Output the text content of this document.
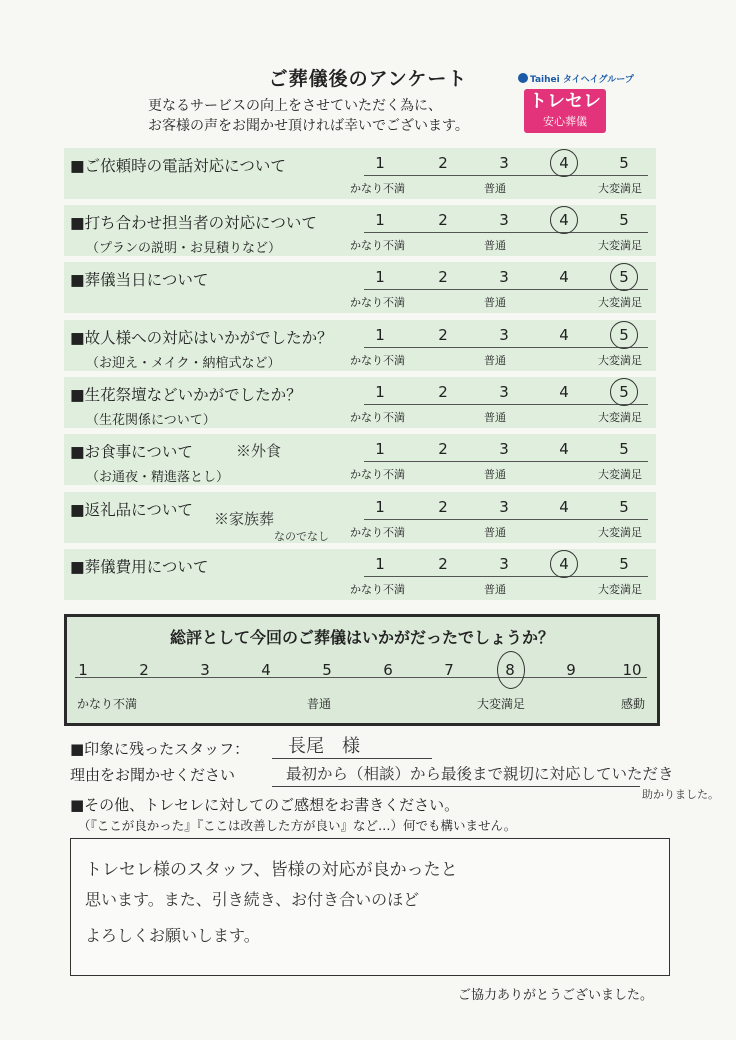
ご葬儀後のアンケート
更なるサービスの向上をさせていただく為に、
お客様の声をお聞かせ頂ければ幸いでございます。
Taihei タイヘイグループ
トレセレ
安心葬儀
■ご依頼時の電話対応について	1	2	3	4	5
かなり不満	普通	大変満足
■打ち合わせ担当者の対応について
（プランの説明・お見積りなど）
1	2	3	4	5
かなり不満	普通	大変満足
■葬儀当日について	1	2	3	4	5
かなり不満	普通	大変満足
■故人様への対応はいかがでしたか？
（お迎え・メイク・納棺式など）
1	2	3	4	5
かなり不満	普通	大変満足
■生花祭壇などいかがでしたか？
（生花関係について）
1	2	3	4	5
かなり不満	普通	大変満足
■お食事について
（お通夜・精進落とし）
1	2	3	4	5
かなり不満	普通	大変満足
■返礼品について	1	2	3	4	5
かなり不満	普通	大変満足
■葬儀費用について	1	2	3	4	5
かなり不満	普通	大変満足
※外食
※家族葬
なのでなし
総評として今回のご葬儀はいかがだったでしょうか？
1	2	3	4	5	6	7	8	9	10
かなり不満	普通	大変満足	感動
■印象に残ったスタッフ： 長尾　様
理由をお聞かせください	最初から（相談）から最後まで親切に対応していただき
助かりました。
■その他、トレセレに対してのご感想をお書きください。
（『ここが良かった』『ここは改善した方が良い』など…）何でも構いません。
トレセレ様のスタッフ、皆様の対応が良かったと
思います。また、引き続き、お付き合いのほど
よろしくお願いします。
ご協力ありがとうございました。
